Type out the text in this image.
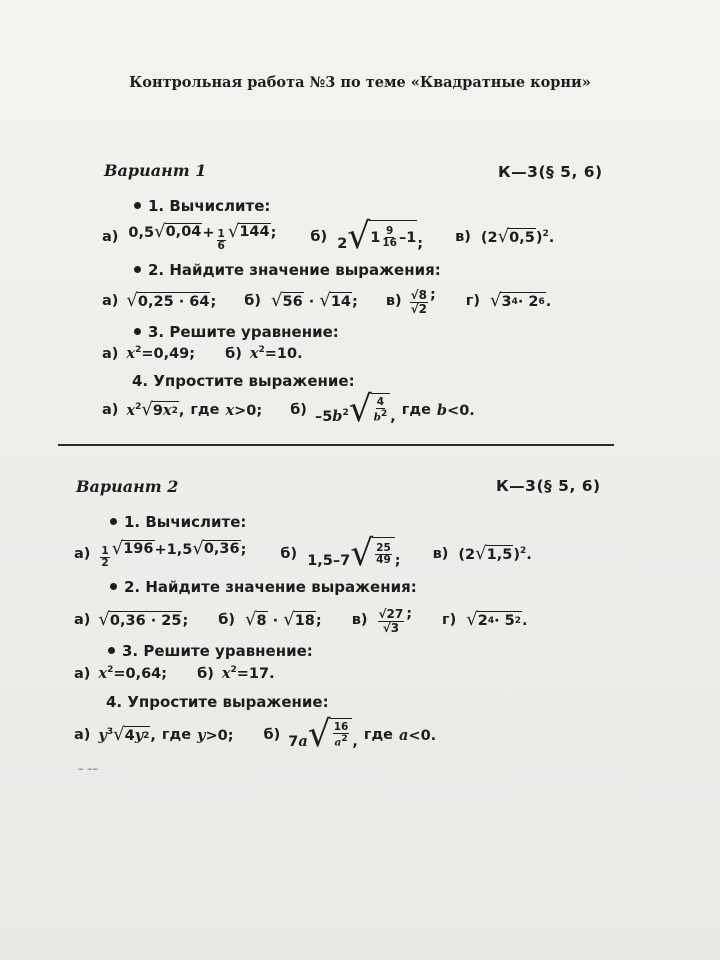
Контрольная работа №3 по теме «Квадратные корни»
Вариант 1	К—3(§ 5, 6)
1. Вычислите:
а) 0,5 √ $0,04 + \frac{1}{6}$ √ 144 ; б) 2 √ $1 \frac{9}{16} -1$ ; в) (2 √ 0,5 )$^2$.
2. Найдите значение выражения:
а) √ 0,25 · 64 ; б) √ 56 · √ 14 ; $в) \frac{√8}{√2}$ ; г) √ 3 4 · 2 6 .
3. Решите уравнение:
а) $x^2=0,49$; б) $x^2=10$.
4. Упростите выражение:
а) $x^2$ √ 9 x 2 , где x>0; б) $-5b^2$ √ $\frac{4}{b^2}$ , где b<0.
Вариант 2	К—3(§ 5, 6)
1. Вычислите:
$а) \frac{1}{2}$ √ 196 +1,5 √ 0,36 ; б) 1,5–7 √ $\frac{25}{49}$ ; в) (2 √ 1,5 )$^2$.
2. Найдите значение выражения:
а) √ 0,36 · 25 ; б) √ 8 · √ 18 ; $в) \frac{√27}{√3}$ ; г) √ 2 4 · 5 2 .
3. Решите уравнение:
а) $x^2=0,64$; б) $x^2=17$.
4. Упростите выражение:
а) $y^3$ √ 4 y 2 , где y>0; б) 7a √ $\frac{16}{a^2}$ , где a<0.
– ––
